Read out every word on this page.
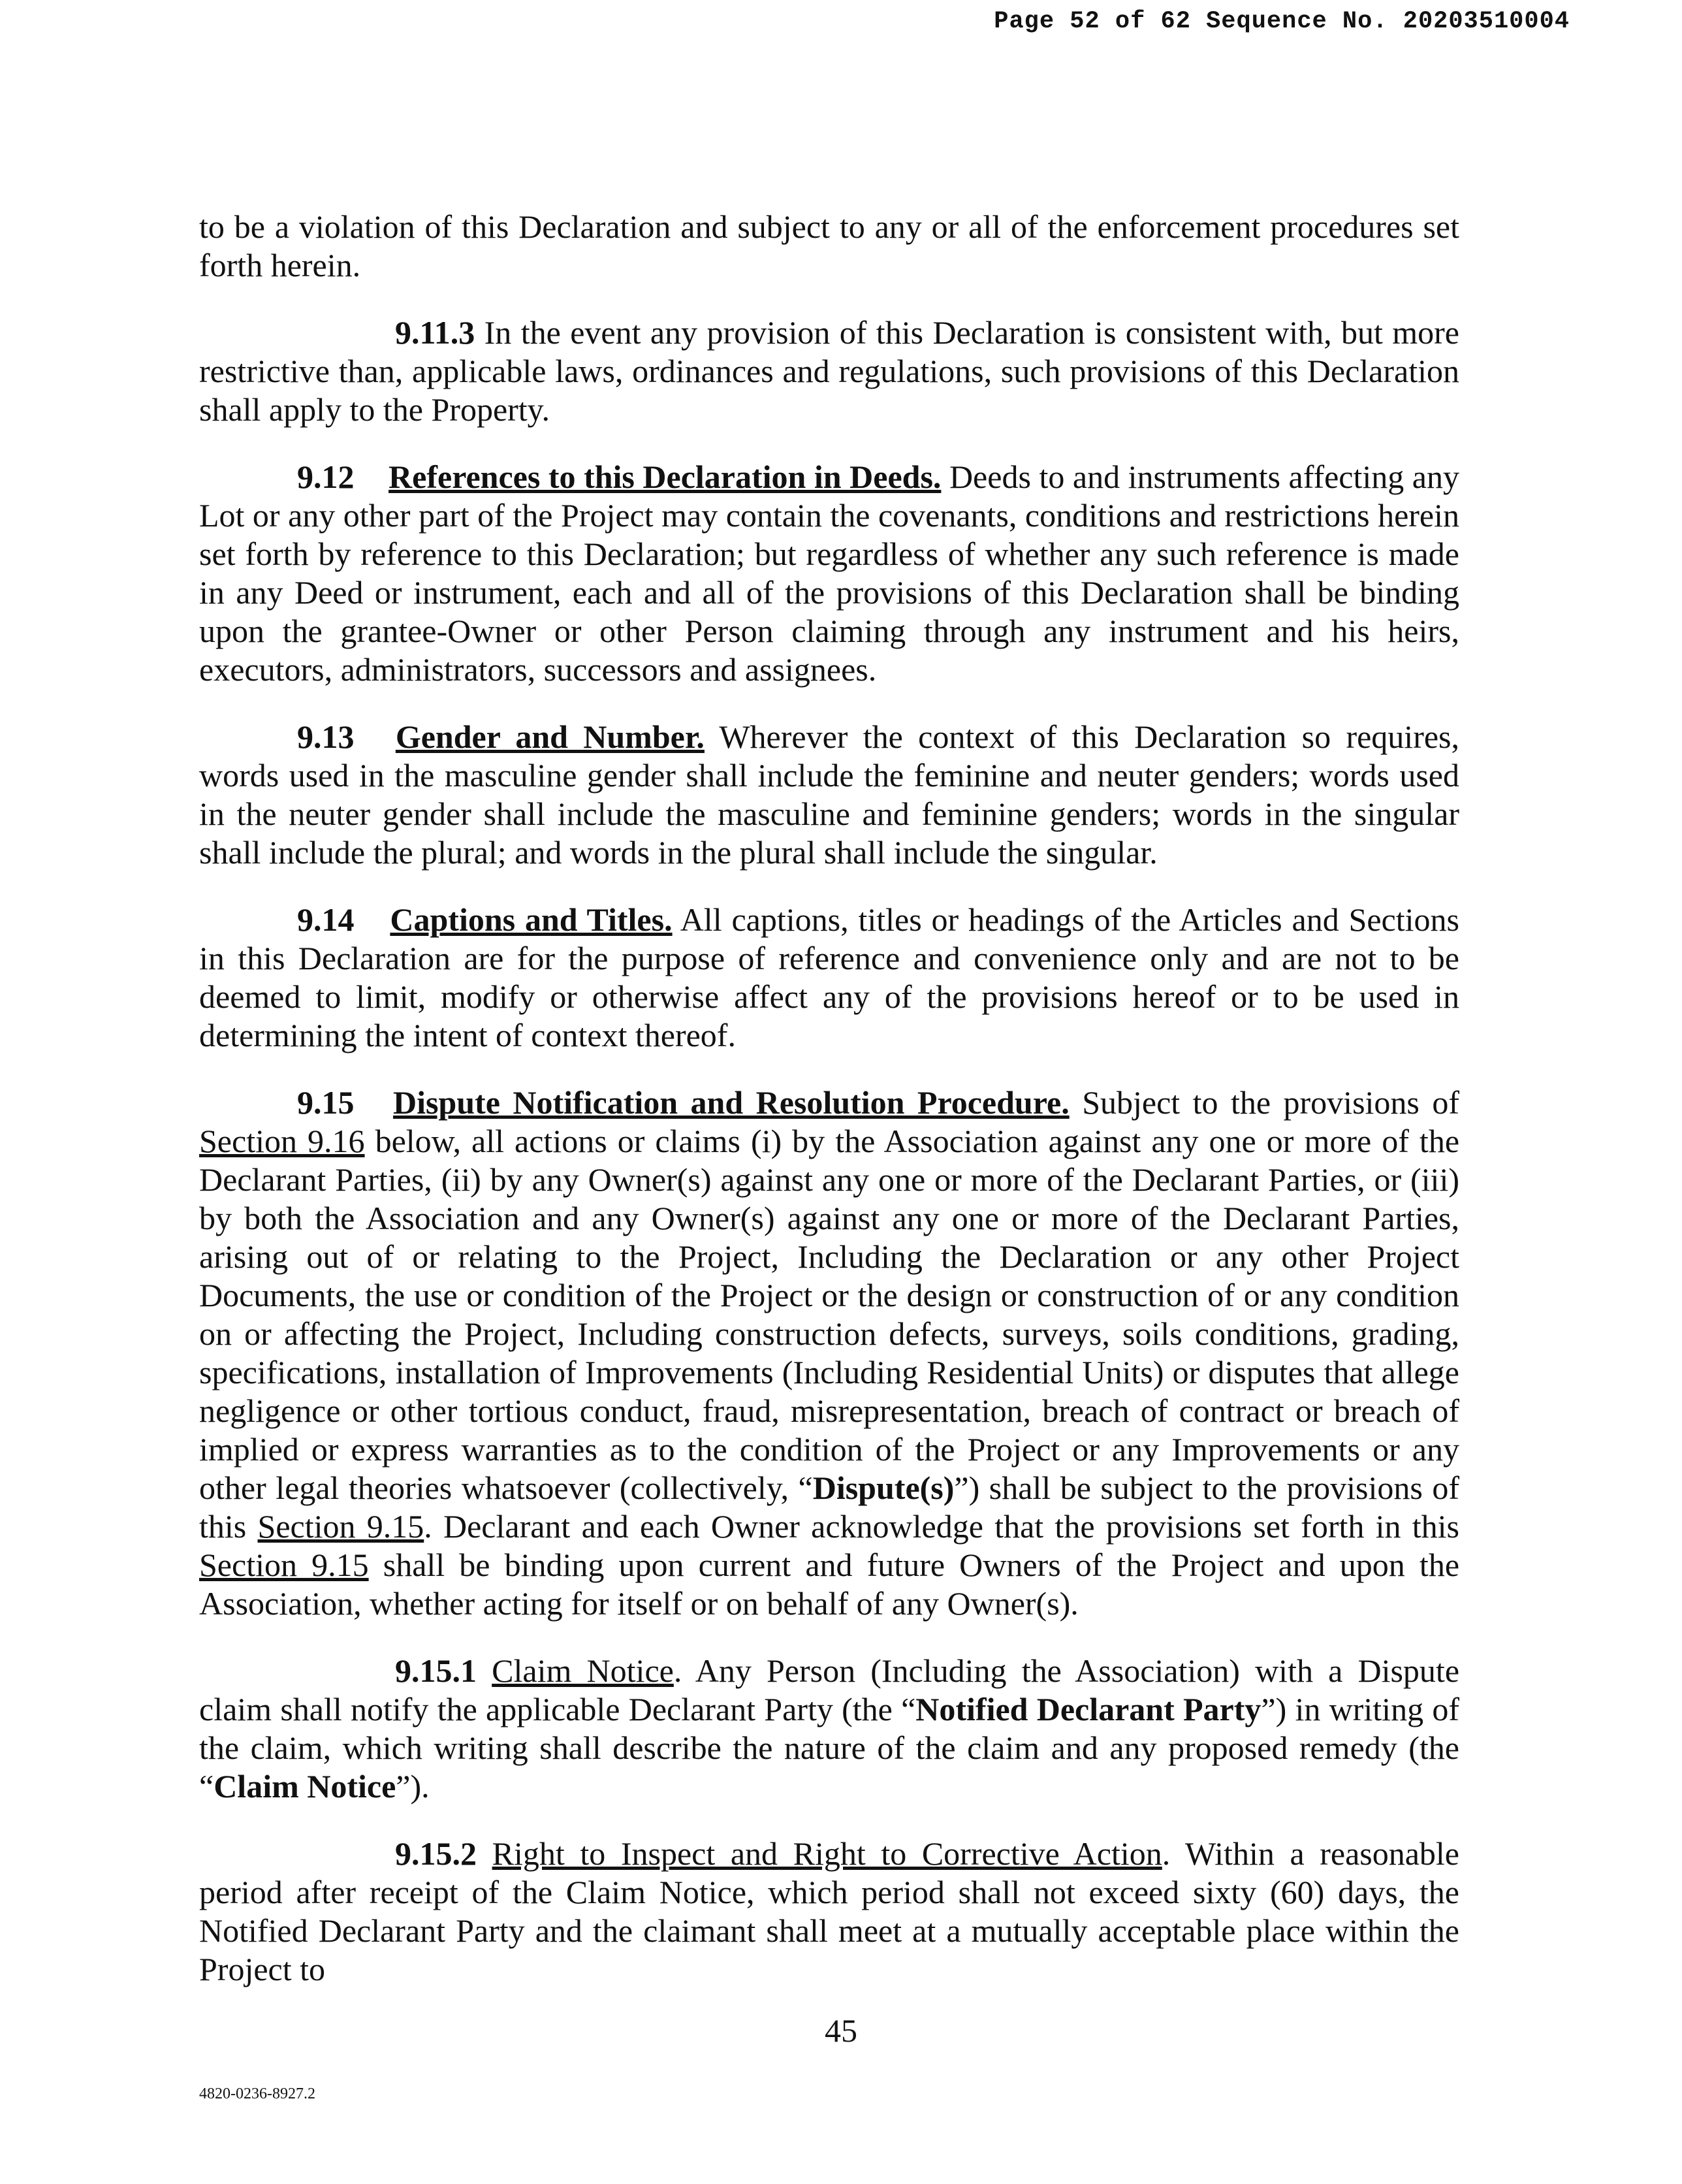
Page 52 of 62 Sequence No. 20203510004

to be a violation of this Declaration and subject to any or all of the enforcement procedures set forth herein.

9.11.3 In the event any provision of this Declaration is consistent with, but more restrictive than, applicable laws, ordinances and regulations, such provisions of this Declaration shall apply to the Property.

9.12 References to this Declaration in Deeds. Deeds to and instruments affecting any Lot or any other part of the Project may contain the covenants, conditions and restrictions herein set forth by reference to this Declaration; but regardless of whether any such reference is made in any Deed or instrument, each and all of the provisions of this Declaration shall be binding upon the grantee-Owner or other Person claiming through any instrument and his heirs, executors, administrators, successors and assignees.

9.13 Gender and Number. Wherever the context of this Declaration so requires, words used in the masculine gender shall include the feminine and neuter genders; words used in the neuter gender shall include the masculine and feminine genders; words in the singular shall include the plural; and words in the plural shall include the singular.

9.14 Captions and Titles. All captions, titles or headings of the Articles and Sections in this Declaration are for the purpose of reference and convenience only and are not to be deemed to limit, modify or otherwise affect any of the provisions hereof or to be used in determining the intent of context thereof.

9.15 Dispute Notification and Resolution Procedure. Subject to the provisions of Section 9.16 below, all actions or claims (i) by the Association against any one or more of the Declarant Parties, (ii) by any Owner(s) against any one or more of the Declarant Parties, or (iii) by both the Association and any Owner(s) against any one or more of the Declarant Parties, arising out of or relating to the Project, Including the Declaration or any other Project Documents, the use or condition of the Project or the design or construction of or any condition on or affecting the Project, Including construction defects, surveys, soils conditions, grading, specifications, installation of Improvements (Including Residential Units) or disputes that allege negligence or other tortious conduct, fraud, misrepresentation, breach of contract or breach of implied or express warranties as to the condition of the Project or any Improvements or any other legal theories whatsoever (collectively, “Dispute(s)”) shall be subject to the provisions of this Section 9.15. Declarant and each Owner acknowledge that the provisions set forth in this Section 9.15 shall be binding upon current and future Owners of the Project and upon the Association, whether acting for itself or on behalf of any Owner(s).

9.15.1 Claim Notice. Any Person (Including the Association) with a Dispute claim shall notify the applicable Declarant Party (the “Notified Declarant Party”) in writing of the claim, which writing shall describe the nature of the claim and any proposed remedy (the “Claim Notice”).

9.15.2 Right to Inspect and Right to Corrective Action. Within a reasonable period after receipt of the Claim Notice, which period shall not exceed sixty (60) days, the Notified Declarant Party and the claimant shall meet at a mutually acceptable place within the Project to

45
4820-0236-8927.2
